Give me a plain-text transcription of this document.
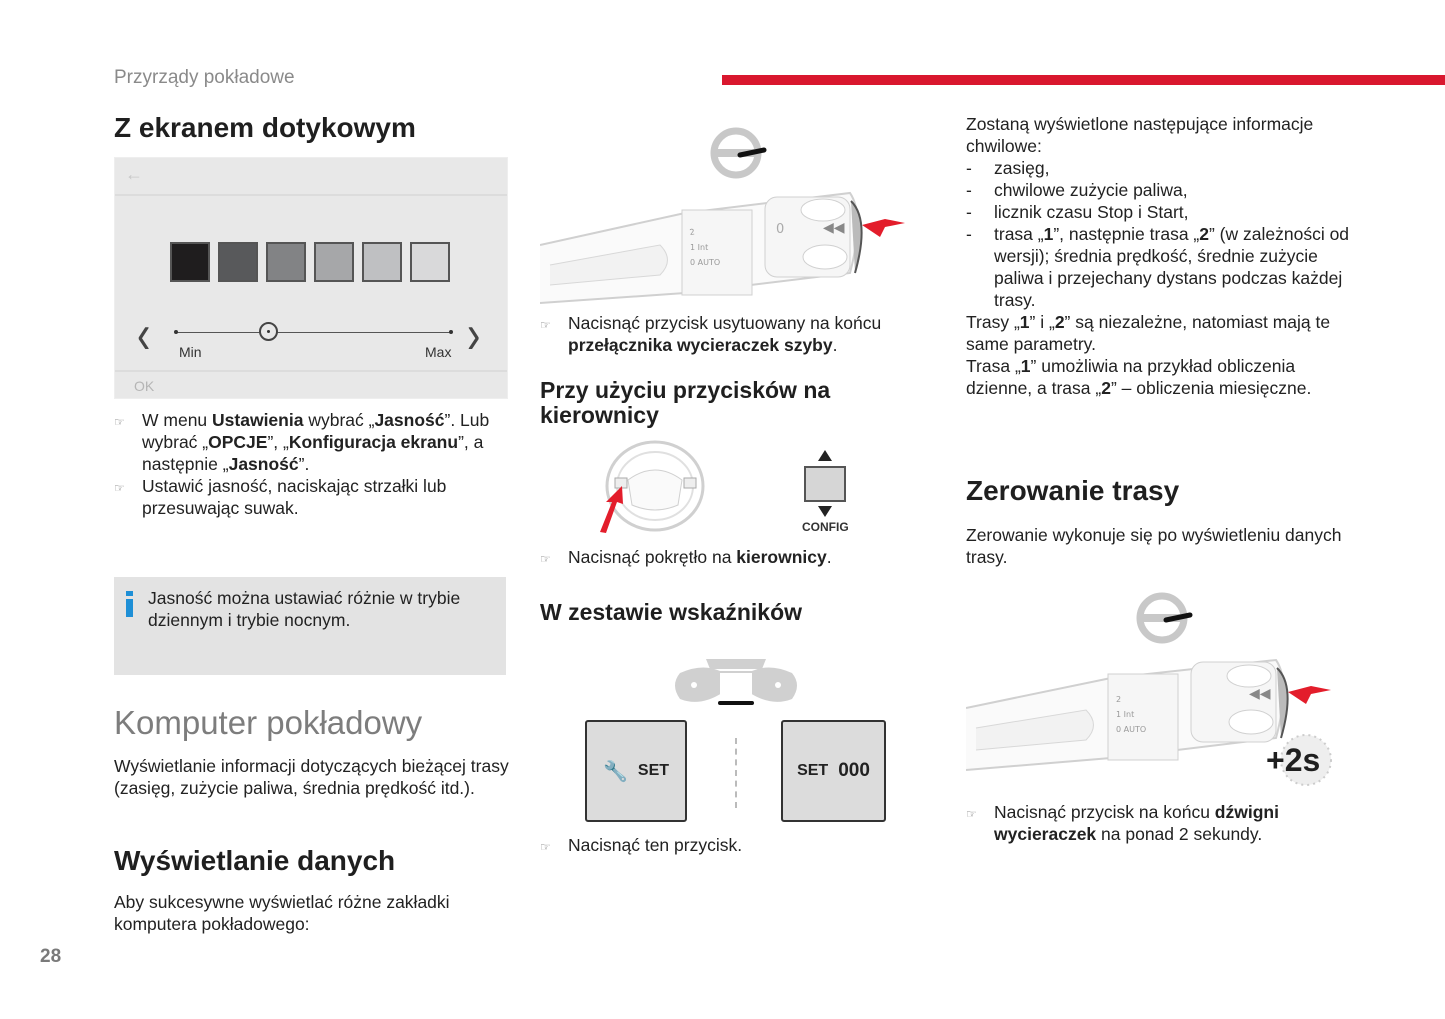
Przyrządy pokładowe
Z ekranem dotykowym
←
‹	›
Min	Max
OK
☞ W menu Ustawienia wybrać „Jasność”. Lub wybrać „OPCJE”, „Konfiguracja ekranu”, a następnie „Jasność”.
☞ Ustawić jasność, naciskając strzałki lub przesuwając suwak.
Jasność można ustawiać różnie w trybie dziennym i trybie nocnym.
Komputer pokładowy
Wyświetlanie informacji dotyczących bieżącej trasy (zasięg, zużycie paliwa, średnia prędkość itd.).
Wyświetlanie danych
Aby sukcesywne wyświetlać różne zakładki komputera pokładowego:
28
◀◀
2
1 Int
0 AUTO
0
☞ Nacisnąć przycisk usytuowany na końcu przełącznika wycieraczek szyby.
Przy użyciu przycisków na kierownicy
CONFIG
☞ Nacisnąć pokrętło na kierownicy.
W zestawie wskaźników
🔧 SET	SET 000
☞ Nacisnąć ten przycisk.
Zostaną wyświetlone następujące informacje chwilowe:
-	zasięg,
-	chwilowe zużycie paliwa,
-	licznik czasu Stop i Start,
-	trasa „1”, następnie trasa „2” (w zależności od wersji); średnia prędkość, średnie zużycie paliwa i przejechany dystans podczas każdej trasy.
Trasy „1” i „2” są niezależne, natomiast mają te same parametry.
Trasa „1” umożliwia na przykład obliczenia dzienne, a trasa „2” – obliczenia miesięczne.
Zerowanie trasy
Zerowanie wykonuje się po wyświetleniu danych trasy.
◀◀
2
1 Int
0 AUTO
+2s
☞ Nacisnąć przycisk na końcu dźwigni wycieraczek na ponad 2 sekundy.
